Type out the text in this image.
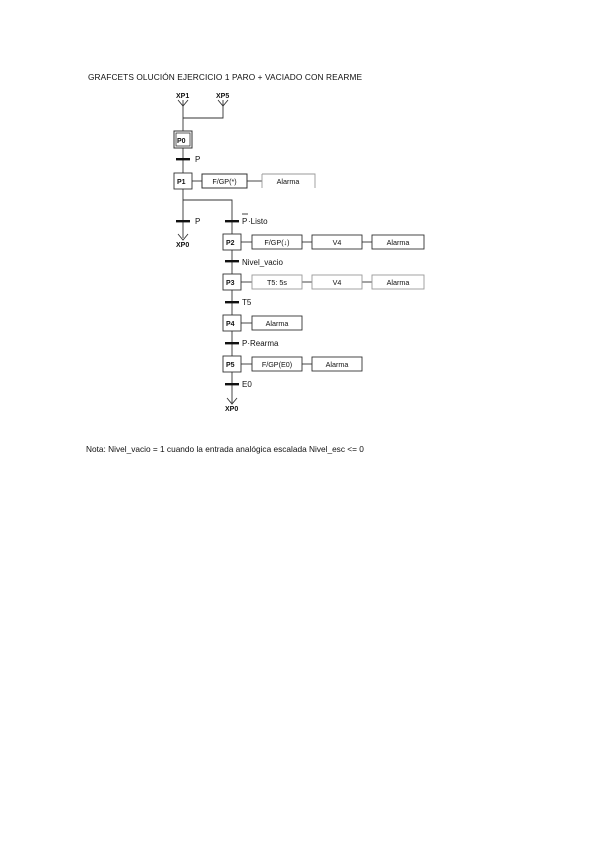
GRAFCETS OLUCIÓN EJERCICIO 1 PARO + VACIADO CON REARME
XP1	XP5
XP0
XP0
P0
P1
P2
P3
P4
P5
P
P	P ·Listo
Nivel_vacio
T5
P·Rearma
E0
F/GP(*)	Alarma
F/GP(↓)	V4	Alarma
T5: 5s	V4	Alarma
Alarma
F/GP(E0)	Alarma
Nota: Nivel_vacio = 1 cuando la entrada analógica escalada Nivel_esc <= 0
